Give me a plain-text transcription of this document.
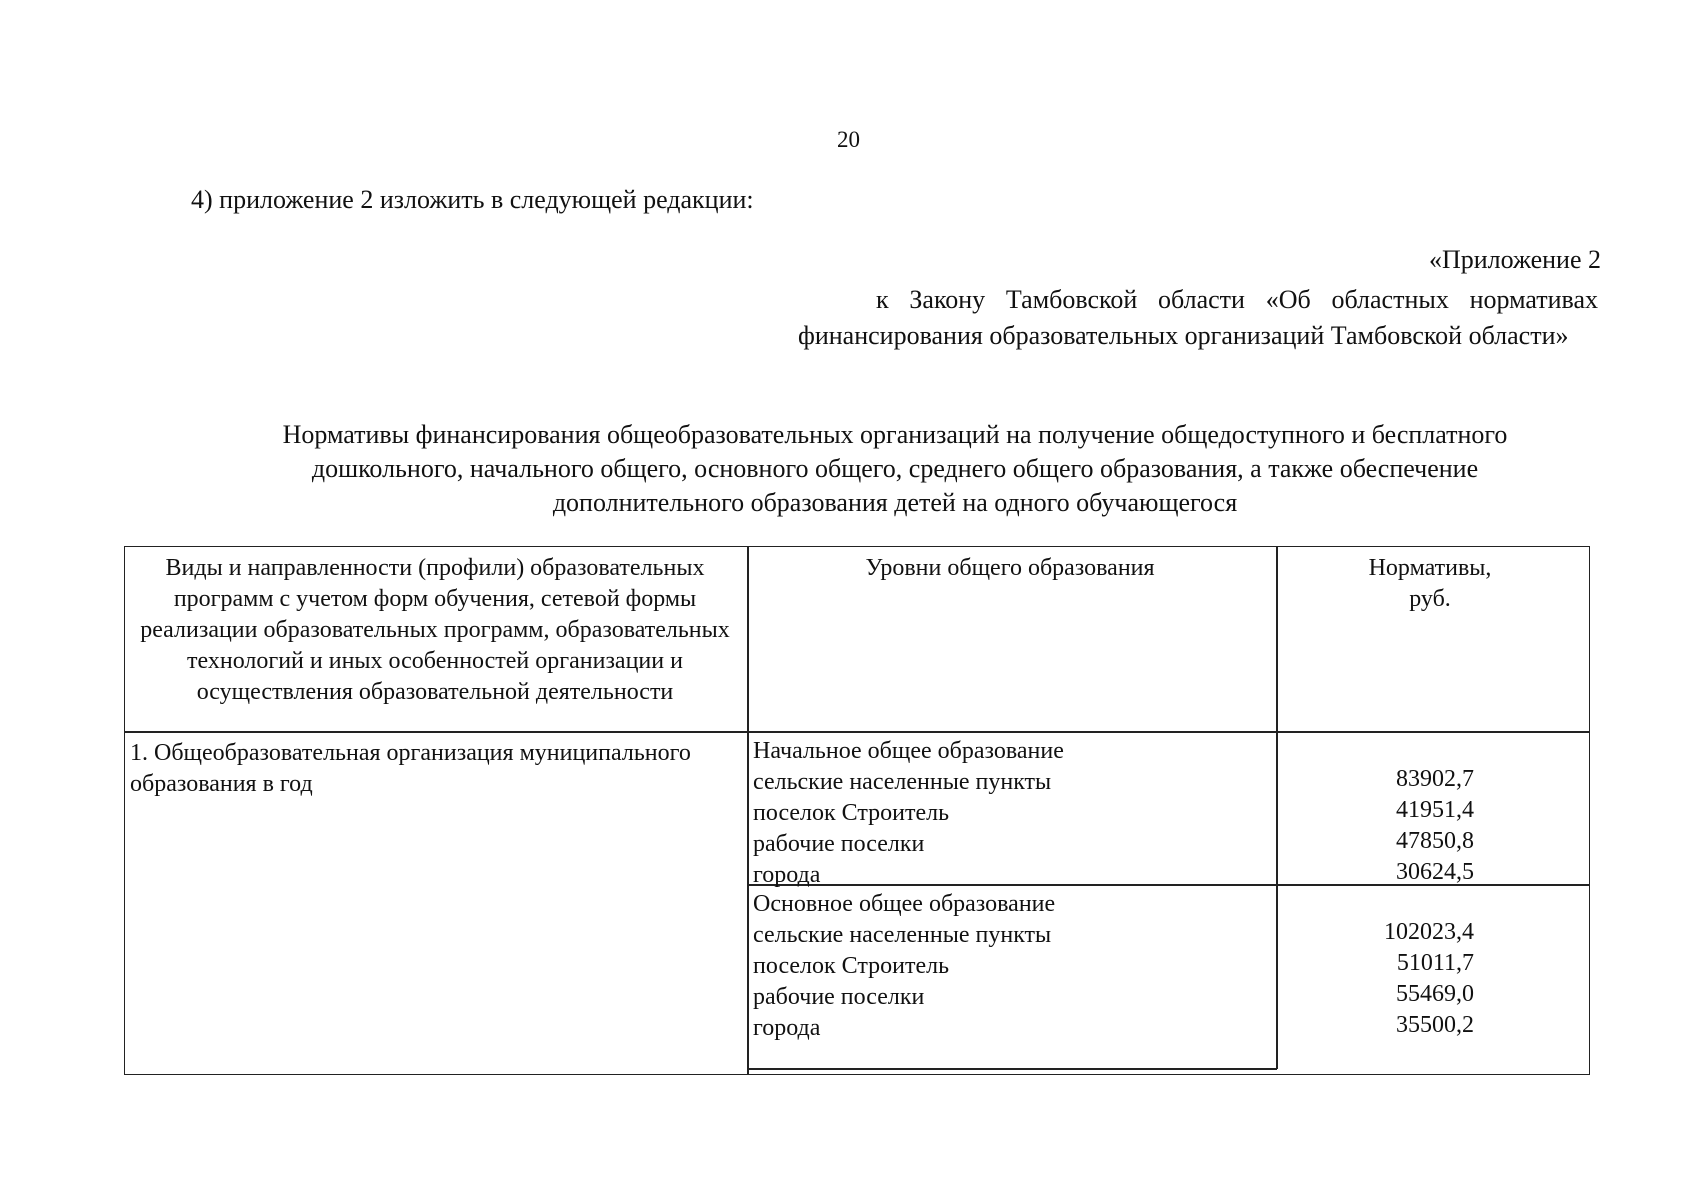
20
4) приложение 2 изложить в следующей редакции:
«Приложение 2
к Закону Тамбовской области «Об областных нормативах финансирования образовательных организаций Тамбовской области»
Нормативы финансирования общеобразовательных организаций на получение общедоступного и бесплатного
дошкольного, начального общего, основного общего, среднего общего образования, а также обеспечение
дополнительного образования детей на одного обучающегося
Виды и направленности (профили) образовательных программ с учетом форм обучения, сетевой формы реализации образовательных программ, образовательных технологий и иных особенностей организации и осуществления образовательной деятельности
Уровни общего образования	Нормативы,
руб.
1. Общеобразовательная организация муниципального образования в год
Начальное общее образование
сельские населенные пункты
поселок Строитель
рабочие поселки
города
83902,7
41951,4
47850,8
30624,5
Основное общее образование
сельские населенные пункты
поселок Строитель
рабочие поселки
города
102023,4
51011,7
55469,0
35500,2
